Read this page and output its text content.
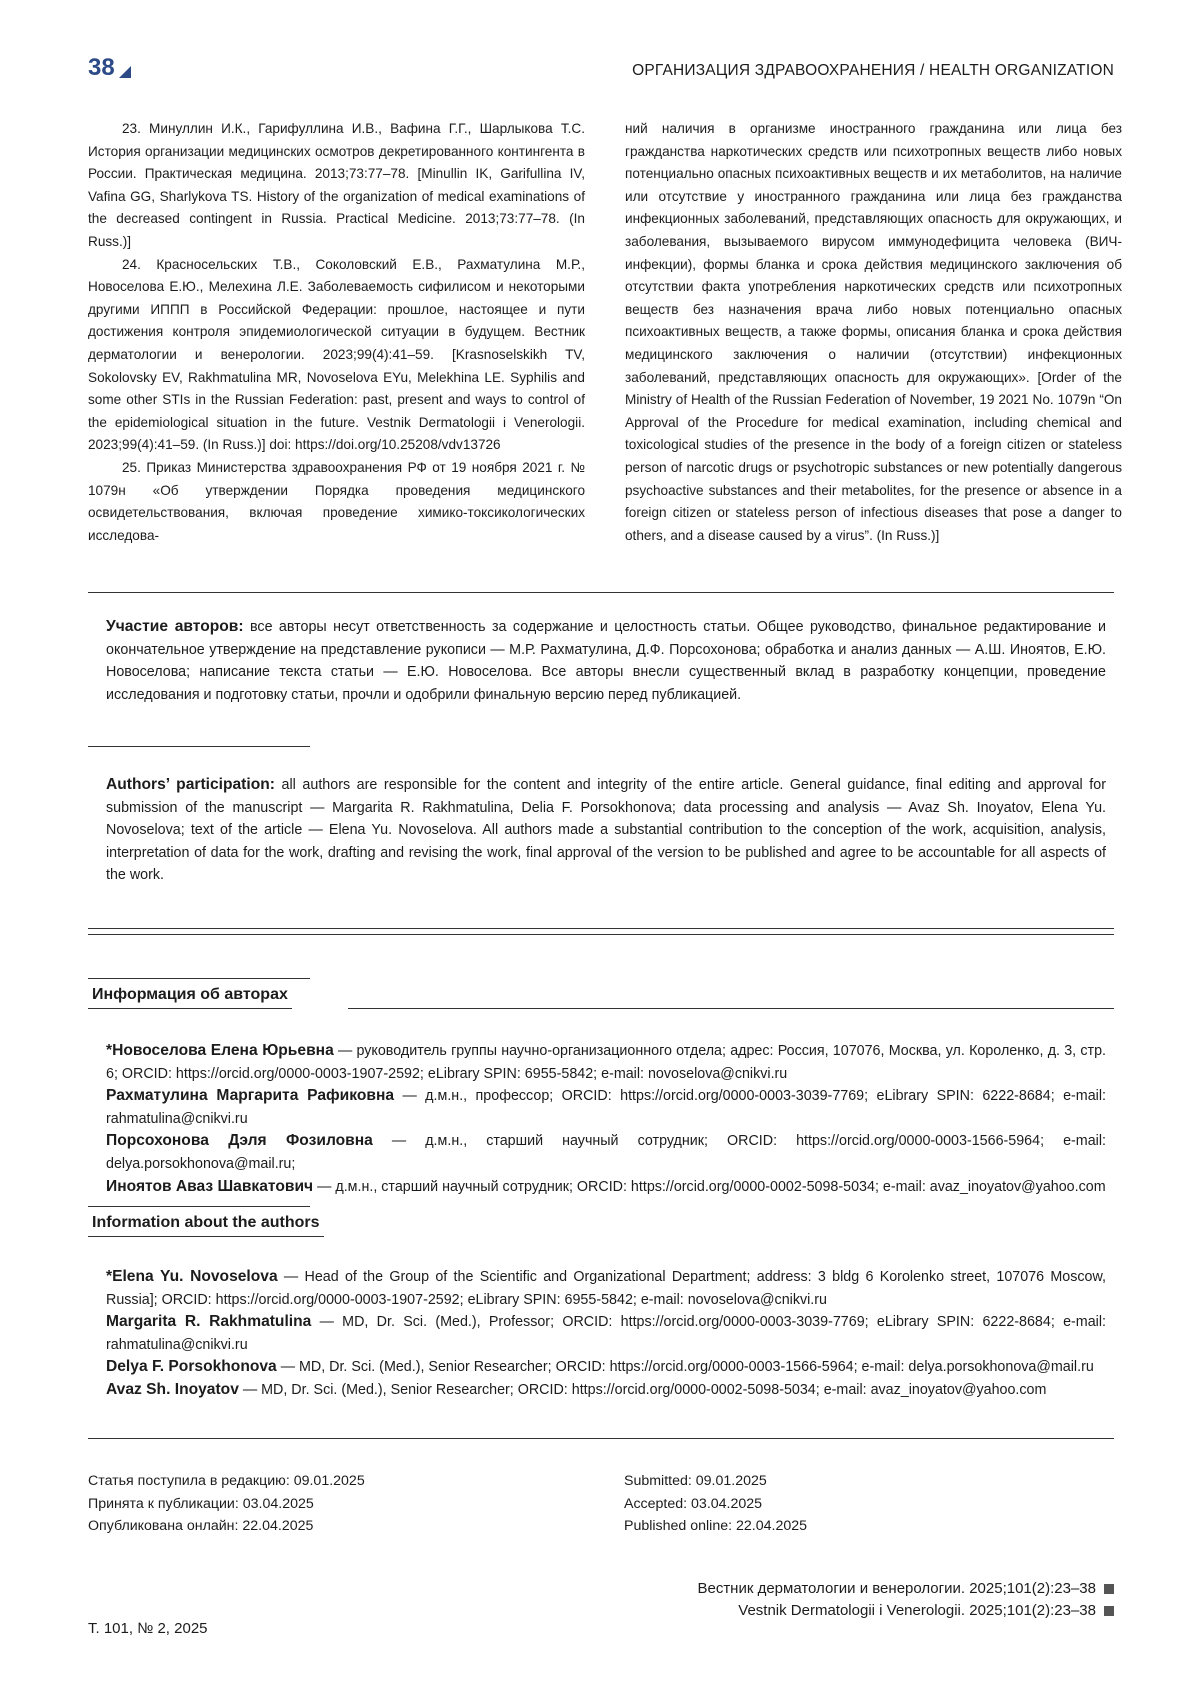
38	ОРГАНИЗАЦИЯ ЗДРАВООХРАНЕНИЯ / HEALTH ORGANIZATION

23. Минуллин И.К., Гарифуллина И.В., Вафина Г.Г., Шарлыкова Т.С. История организации медицинских осмотров декретированного контингента в России. Практическая медицина. 2013;73:77–78. [Minullin IK, Garifullina IV, Vafina GG, Sharlykova TS. History of the organization of medical examinations of the decreased contingent in Russia. Practical Medicine. 2013;73:77–78. (In Russ.)]

24. Красносельских Т.В., Соколовский Е.В., Рахматулина М.Р., Новоселова Е.Ю., Мелехина Л.Е. Заболеваемость сифилисом и некоторыми другими ИППП в Российской Федерации: прошлое, настоящее и пути достижения контроля эпидемиологической ситуации в будущем. Вестник дерматологии и венерологии. 2023;99(4):41–59. [Krasnoselskikh TV, Sokolovsky EV, Rakhmatulina MR, Novoselova EYu, Melekhina LE. Syphilis and some other STIs in the Russian Federation: past, present and ways to control of the epidemiological situation in the future. Vestnik Dermatologii i Venerologii. 2023;99(4):41–59. (In Russ.)] doi: https://doi.org/10.25208/vdv13726

25. Приказ Министерства здравоохранения РФ от 19 ноября 2021 г. № 1079н «Об утверждении Порядка проведения медицинского освидетельствования, включая проведение химико-токсикологических исследова-

ний наличия в организме иностранного гражданина или лица без гражданства наркотических средств или психотропных веществ либо новых потенциально опасных психоактивных веществ и их метаболитов, на наличие или отсутствие у иностранного гражданина или лица без гражданства инфекционных заболеваний, представляющих опасность для окружающих, и заболевания, вызываемого вирусом иммунодефицита человека (ВИЧ-инфекции), формы бланка и срока действия медицинского заключения об отсутствии факта употребления наркотических средств или психотропных веществ без назначения врача либо новых потенциально опасных психоактивных веществ, а также формы, описания бланка и срока действия медицинского заключения о наличии (отсутствии) инфекционных заболеваний, представляющих опасность для окружающих». [Order of the Ministry of Health of the Russian Federation of November, 19 2021 No. 1079n “On Approval of the Procedure for medical examination, including chemical and toxicological studies of the presence in the body of a foreign citizen or stateless person of narcotic drugs or psychotropic substances or new potentially dangerous psychoactive substances and their metabolites, for the presence or absence in a foreign citizen or stateless person of infectious diseases that pose a danger to others, and a disease caused by a virus”. (In Russ.)]

Участие авторов: все авторы несут ответственность за содержание и целостность статьи. Общее руководство, финальное редактирование и окончательное утверждение на представление рукописи — М.Р. Рахматулина, Д.Ф. Порсохонова; обработка и анализ данных — А.Ш. Иноятов, Е.Ю. Новоселова; написание текста статьи — Е.Ю. Новоселова. Все авторы внесли существенный вклад в разработку концепции, проведение исследования и подготовку статьи, прочли и одобрили финальную версию перед публикацией.

Authors’ participation: all authors are responsible for the content and integrity of the entire article. General guidance, final editing and approval for submission of the manuscript — Margarita R. Rakhmatulina, Delia F. Porsokhonova; data processing and analysis — Avaz Sh. Inoyatov, Elena Yu. Novoselova; text of the article — Elena Yu. Novoselova. All authors made a substantial contribution to the conception of the work, acquisition, analysis, interpretation of data for the work, drafting and revising the work, final approval of the version to be published and agree to be accountable for all aspects of the work.

Информация об авторах

*Новоселова Елена Юрьевна — руководитель группы научно-организационного отдела; адрес: Россия, 107076, Москва, ул. Короленко, д. 3, стр. 6; ORCID: https://orcid.org/0000-0003-1907-2592; eLibrary SPIN: 6955-5842; e-mail: novoselova@cnikvi.ru

Рахматулина Маргарита Рафиковна — д.м.н., профессор; ORCID: https://orcid.org/0000-0003-3039-7769; eLibrary SPIN: 6222-8684; e-mail: rahmatulina@cnikvi.ru

Порсохонова Дэля Фозиловна — д.м.н., старший научный сотрудник; ORCID: https://orcid.org/0000-0003-1566-5964; e-mail: delya.porsokhonova@mail.ru;

Иноятов Аваз Шавкатович — д.м.н., старший научный сотрудник; ORCID: https://orcid.org/0000-0002-5098-5034; e-mail: avaz_inoyatov@yahoo.com

Information about the authors

*Elena Yu. Novoselova — Head of the Group of the Scientific and Organizational Department; address: 3 bldg 6 Korolenko street, 107076 Moscow, Russia]; ORCID: https://orcid.org/0000-0003-1907-2592; eLibrary SPIN: 6955-5842; e-mail: novoselova@cnikvi.ru

Margarita R. Rakhmatulina — MD, Dr. Sci. (Med.), Professor; ORCID: https://orcid.org/0000-0003-3039-7769; eLibrary SPIN: 6222-8684; e-mail: rahmatulina@cnikvi.ru

Delya F. Porsokhonova — MD, Dr. Sci. (Med.), Senior Researcher; ORCID: https://orcid.org/0000-0003-1566-5964; e-mail: delya.porsokhonova@mail.ru

Avaz Sh. Inoyatov — MD, Dr. Sci. (Med.), Senior Researcher; ORCID: https://orcid.org/0000-0002-5098-5034; e-mail: avaz_inoyatov@yahoo.com

Статья поступила в редакцию: 09.01.2025
Принята к публикации: 03.04.2025
Опубликована онлайн: 22.04.2025
Submitted: 09.01.2025
Accepted: 03.04.2025
Published online: 22.04.2025
Т. 101, № 2, 2025
Вестник дерматологии и венерологии. 2025;101(2):23–38
Vestnik Dermatologii i Venerologii. 2025;101(2):23–38
